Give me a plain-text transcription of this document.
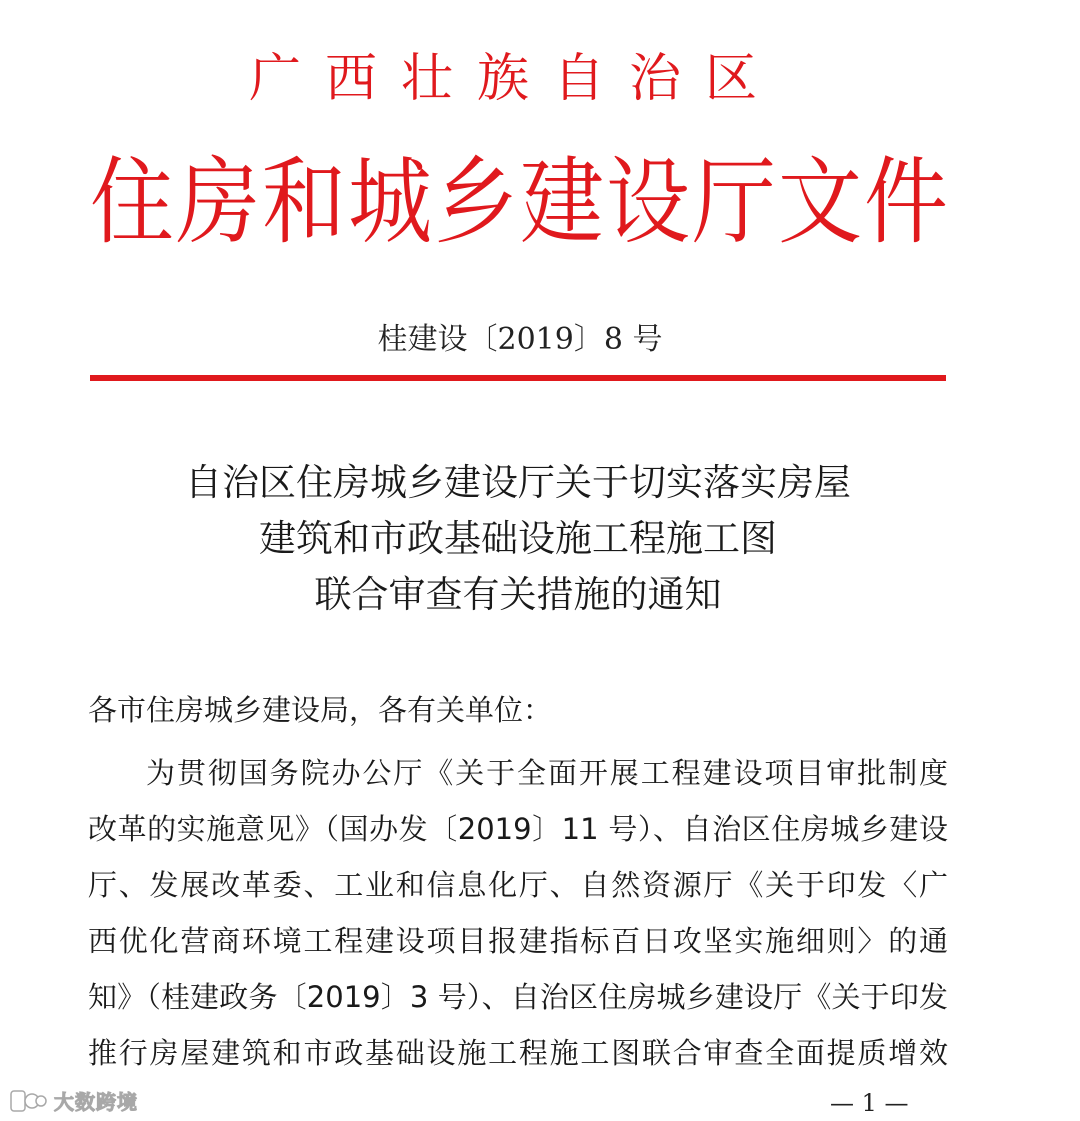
广西壮族自治区
住房和城乡建设厅文件
桂建设〔2019〕8 号
自治区住房城乡建设厅关于切实落实房屋
建筑和市政基础设施工程施工图
联合审查有关措施的通知
各市住房城乡建设局，各有关单位：
为贯彻国务院办公厅《关于全面开展工程建设项目审批制度
改革的实施意见》（国办发〔2019〕11 号）、自治区住房城乡建设
厅、发展改革委、工业和信息化厅、自然资源厅《关于印发〈广
西优化营商环境工程建设项目报建指标百日攻坚实施细则〉的通
知》（桂建政务〔2019〕3 号）、自治区住房城乡建设厅《关于印发
推行房屋建筑和市政基础设施工程施工图联合审查全面提质增效
大数跨境	— 1 —
